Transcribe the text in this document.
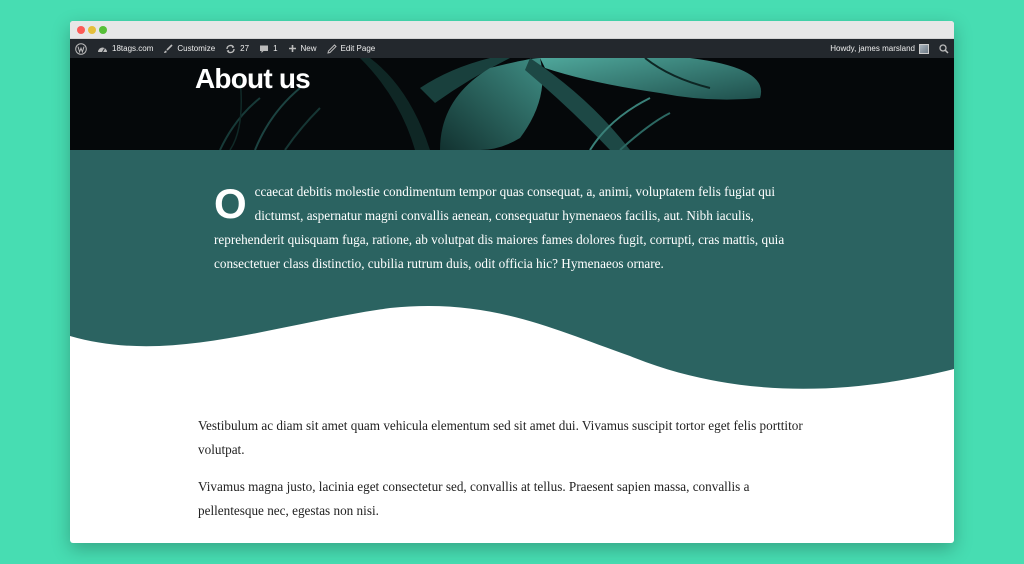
18tags.com	Customize	27	1	New	Edit Page	Howdy, james marsland
About us

Occaecat debitis molestie condimentum tempor quas consequat, a, animi, voluptatem felis fugiat qui dictumst, aspernatur magni convallis aenean, consequatur hymenaeos facilis, aut. Nibh iaculis, reprehenderit quisquam fuga, ratione, ab volutpat dis maiores fames dolores fugit, corrupti, cras mattis, quia consectetuer class distinctio, cubilia rutrum duis, odit officia hic? Hymenaeos ornare.

Vestibulum ac diam sit amet quam vehicula elementum sed sit amet dui. Vivamus suscipit tortor eget felis porttitor volutpat.

Vivamus magna justo, lacinia eget consectetur sed, convallis at tellus. Praesent sapien massa, convallis a pellentesque nec, egestas non nisi.
